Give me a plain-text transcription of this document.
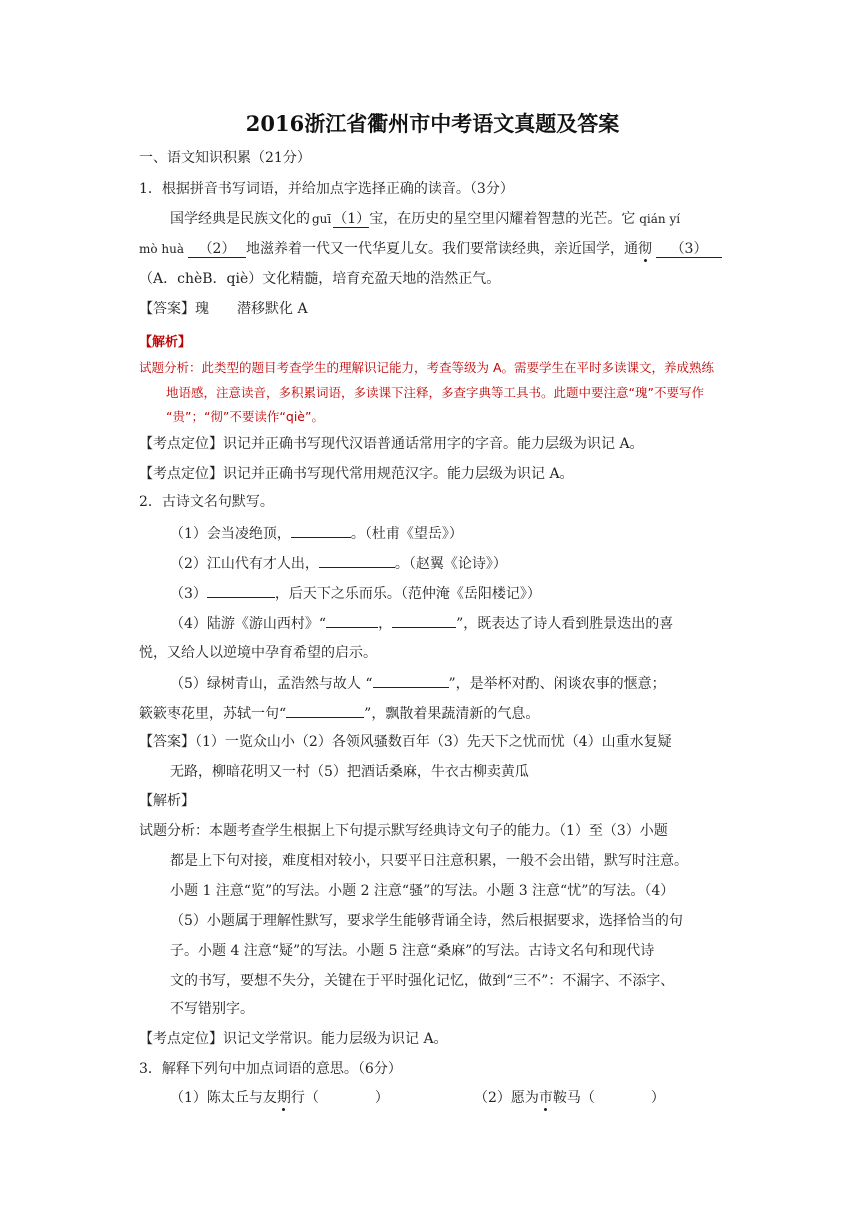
2016浙江省衢州市中考语文真题及答案
一、语文知识积累（21分）
1．根据拼音书写词语，并给加点字选择正确的读音。（3分）
国学经典是民族文化的 guī （1）宝，在历史的星空里闪耀着智慧的光芒。它 qián yí
mò huà （2） 地滋养着一代又一代华夏儿女。我们要常读经典，亲近国学，通彻 （3）
（A．chèB．qiè）文化精髓，培育充盈天地的浩然正气。
【答案】瑰　　潜移默化 A
【解析】
试题分析：此类型的题目考查学生的理解识记能力，考查等级为 A。需要学生在平时多读课文，养成熟练
地语感，注意读音，多积累词语，多读课下注释，多查字典等工具书。此题中要注意“瑰”不要写作
“贵”；“彻”不要读作“qiè”。
【考点定位】识记并正确书写现代汉语普通话常用字的字音。能力层级为识记 A。
【考点定位】识记并正确书写现代常用规范汉字。能力层级为识记 A。
2．古诗文名句默写。
（1）会当凌绝顶，	。（杜甫《望岳》）
（2）江山代有才人出，	。（赵翼《论诗》）
（3）	，后天下之乐而乐。（范仲淹《岳阳楼记》）
（4）陆游《游山西村》“	，	”，既表达了诗人看到胜景迭出的喜
悦，又给人以逆境中孕育希望的启示。
（5）绿树青山，孟浩然与故人 “	”，是举杯对酌、闲谈农事的惬意；
簌簌枣花里，苏轼一句“	”，飘散着果蔬清新的气息。
【答案】（1）一览众山小（2）各领风骚数百年（3）先天下之忧而忧（4）山重水复疑
无路，柳暗花明又一村（5）把酒话桑麻，牛衣古柳卖黄瓜
【解析】
试题分析：本题考查学生根据上下句提示默写经典诗文句子的能力。（1）至（3）小题
都是上下句对接，难度相对较小，只要平日注意积累，一般不会出错，默写时注意。
小题 1 注意“览”的写法。小题 2 注意“骚”的写法。小题 3 注意“忧”的写法。（4）
（5）小题属于理解性默写，要求学生能够背诵全诗，然后根据要求，选择恰当的句
子。小题 4 注意“疑”的写法。小题 5 注意“桑麻”的写法。古诗文名句和现代诗
文的书写，要想不失分，关键在于平时强化记忆，做到“三不”：不漏字、不添字、
不写错别字。
【考点定位】识记文学常识。能力层级为识记 A。
3．解释下列句中加点词语的意思。（6分）
（1）陈太丘与友期行（　　　　）	（2）愿为市鞍马（　　　　）
